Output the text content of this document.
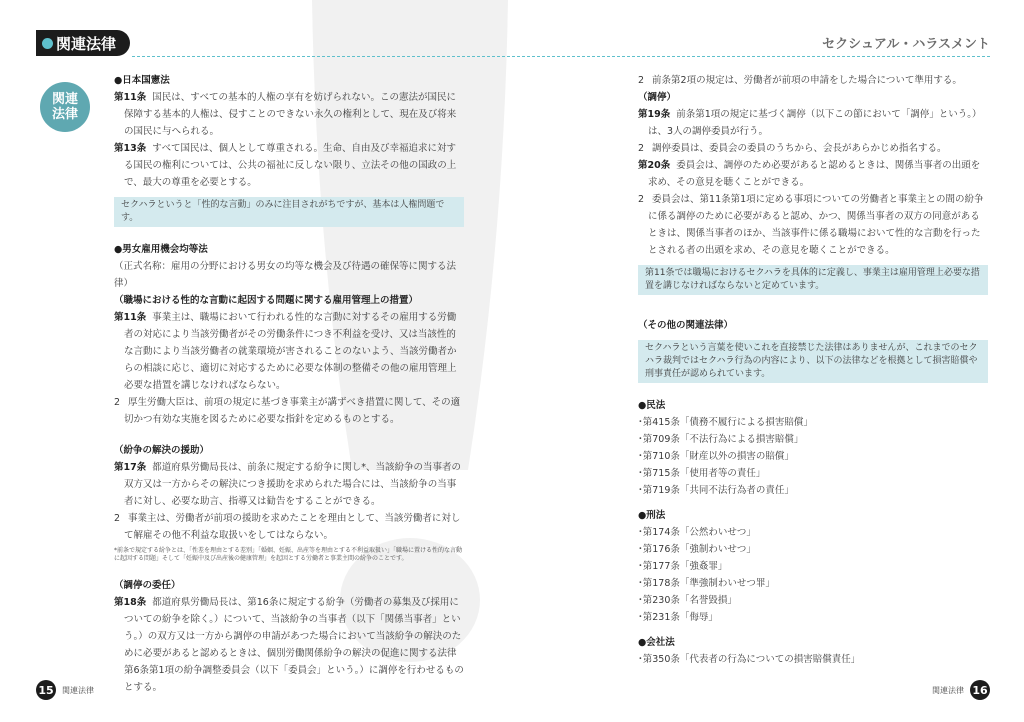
関連法律	セクシュアル・ハラスメント
関連
法律
●日本国憲法
第11条 国民は、すべての基本的人権の享有を妨げられない。この憲法が国民に保障する基本的人権は、侵すことのできない永久の権利として、現在及び将来の国民に与へられる。
第13条 すべて国民は、個人として尊重される。生命、自由及び幸福追求に対する国民の権利については、公共の福祉に反しない限り、立法その他の国政の上で、最大の尊重を必要とする。
セクハラというと「性的な言動」のみに注目されがちですが、基本は人権問題です。
●男女雇用機会均等法
（正式名称：雇用の分野における男女の均等な機会及び待遇の確保等に関する法律）
（職場における性的な言動に起因する問題に関する雇用管理上の措置）
第11条 事業主は、職場において行われる性的な言動に対するその雇用する労働者の対応により当該労働者がその労働条件につき不利益を受け、又は当該性的な言動により当該労働者の就業環境が害されることのないよう、当該労働者からの相談に応じ、適切に対応するために必要な体制の整備その他の雇用管理上必要な措置を講じなければならない。
2 厚生労働大臣は、前項の規定に基づき事業主が講ずべき措置に関して、その適切かつ有効な実施を図るために必要な指針を定めるものとする。
（紛争の解決の援助）
第17条 都道府県労働局長は、前条に規定する紛争に関し*、当該紛争の当事者の双方又は一方からその解決につき援助を求められた場合には、当該紛争の当事者に対し、必要な助言、指導又は勧告をすることができる。
2 事業主は、労働者が前項の援助を求めたことを理由として、当該労働者に対して解雇その他不利益な取扱いをしてはならない。
*前条で規定する紛争とは、「性差を理由とする差別」「婚姻、妊娠、出産等を理由とする不利益取扱い」「職場に置ける性的な言動に起因する問題」そして「妊娠中及び出産後の健康管理」を起因とする労働者と事業主間の紛争のことです。
（調停の委任）
第18条 都道府県労働局長は、第16条に規定する紛争（労働者の募集及び採用についての紛争を除く。）について、当該紛争の当事者（以下「関係当事者」という。）の双方又は一方から調停の申請があつた場合において当該紛争の解決のために必要があると認めるときは、個別労働関係紛争の解決の促進に関する法律第6条第1項の紛争調整委員会（以下「委員会」という。）に調停を行わせるものとする。
2 前条第2項の規定は、労働者が前項の申請をした場合について準用する。
（調停）
第19条 前条第1項の規定に基づく調停（以下この節において「調停」という。）は、3人の調停委員が行う。
2 調停委員は、委員会の委員のうちから、会長があらかじめ指名する。
第20条 委員会は、調停のため必要があると認めるときは、関係当事者の出頭を求め、その意見を聴くことができる。
2 委員会は、第11条第1項に定める事項についての労働者と事業主との間の紛争に係る調停のために必要があると認め、かつ、関係当事者の双方の同意があるときは、関係当事者のほか、当該事件に係る職場において性的な言動を行ったとされる者の出頭を求め、その意見を聴くことができる。
第11条では職場におけるセクハラを具体的に定義し、事業主は雇用管理上必要な措置を講じなければならないと定めています。
（その他の関連法律）
セクハラという言葉を使いこれを直接禁じた法律はありませんが、これまでのセクハラ裁判ではセクハラ行為の内容により、以下の法律などを根拠として損害賠償や刑事責任が認められています。
●民法
･第415条「債務不履行による損害賠償」
･第709条「不法行為による損害賠償」
･第710条「財産以外の損害の賠償」
･第715条「使用者等の責任」
･第719条「共同不法行為者の責任」
●刑法
･第174条「公然わいせつ」
･第176条「強制わいせつ」
･第177条「強姦罪」
･第178条「準強制わいせつ罪」
･第230条「名誉毀損」
･第231条「侮辱」
●会社法
･第350条「代表者の行為についての損害賠償責任」
15 関連法律	関連法律 16
